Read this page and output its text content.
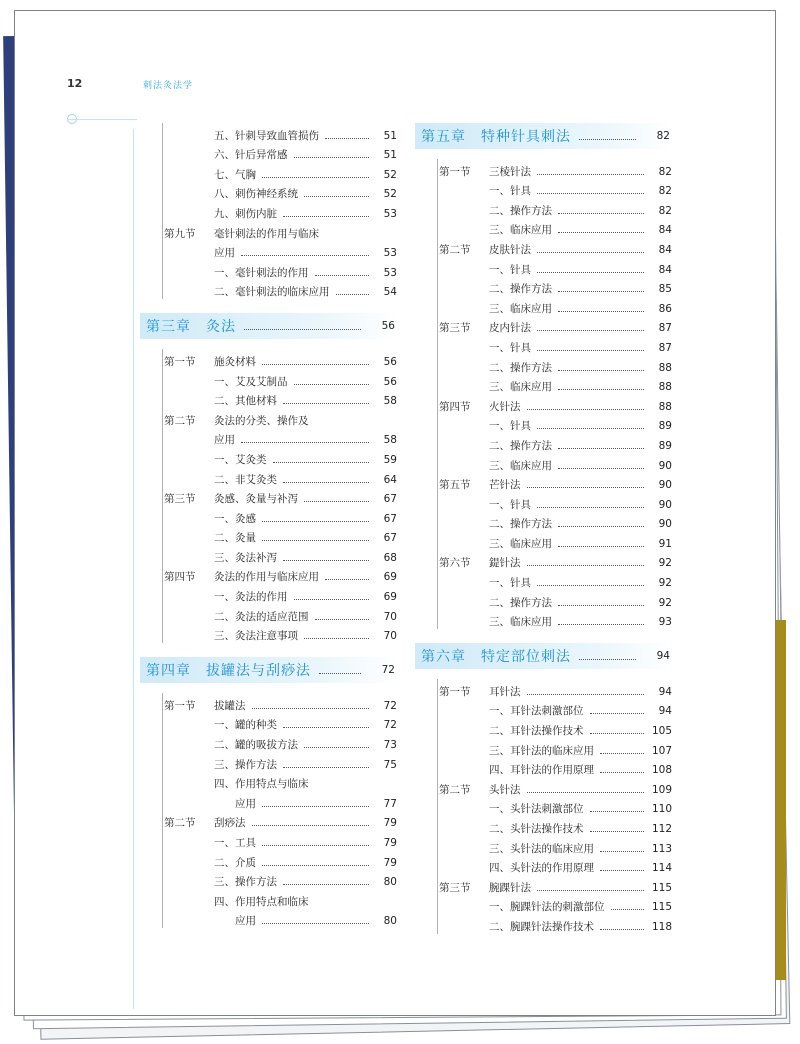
12	刺法灸法学
五、针刺导致血管损伤	51
六、针后异常感	51
七、气胸	52
八、刺伤神经系统	52
九、刺伤内脏	53
第九节	毫针刺法的作用与临床
应用	53
一、毫针刺法的作用	53
二、毫针刺法的临床应用	54
第三章　灸法	56
第一节	施灸材料	56
一、艾及艾制品	56
二、其他材料	58
第二节	灸法的分类、操作及
应用	58
一、艾灸类	59
二、非艾灸类	64
第三节	灸感、灸量与补泻	67
一、灸感	67
二、灸量	67
三、灸法补泻	68
第四节	灸法的作用与临床应用	69
一、灸法的作用	69
二、灸法的适应范围	70
三、灸法注意事项	70
第四章　拔罐法与刮痧法	72
第一节	拔罐法	72
一、罐的种类	72
二、罐的吸拔方法	73
三、操作方法	75
四、作用特点与临床
　　应用	77
第二节	刮痧法	79
一、工具	79
二、介质	79
三、操作方法	80
四、作用特点和临床
　　应用	80
第五章　特种针具刺法	82
第一节	三棱针法	82
一、针具	82
二、操作方法	82
三、临床应用	84
第二节	皮肤针法	84
一、针具	84
二、操作方法	85
三、临床应用	86
第三节	皮内针法	87
一、针具	87
二、操作方法	88
三、临床应用	88
第四节	火针法	88
一、针具	89
二、操作方法	89
三、临床应用	90
第五节	芒针法	90
一、针具	90
二、操作方法	90
三、临床应用	91
第六节	鍉针法	92
一、针具	92
二、操作方法	92
三、临床应用	93
第六章　特定部位刺法	94
第一节	耳针法	94
一、耳针法刺激部位	94
二、耳针法操作技术	105
三、耳针法的临床应用	107
四、耳针法的作用原理	108
第二节	头针法	109
一、头针法刺激部位	110
二、头针法操作技术	112
三、头针法的临床应用	113
四、头针法的作用原理	114
第三节	腕踝针法	115
一、腕踝针法的刺激部位	115
二、腕踝针法操作技术	118
